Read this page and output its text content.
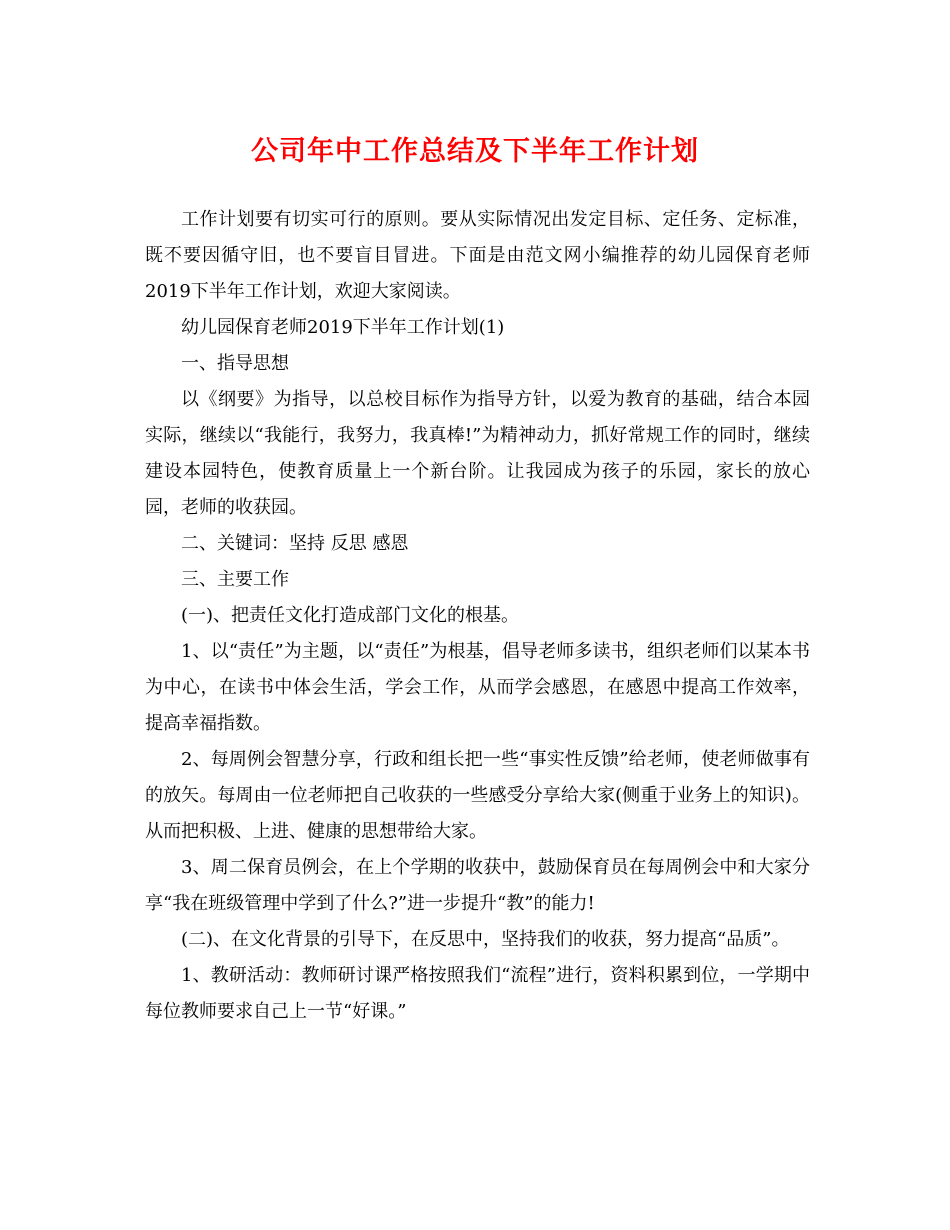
公司年中工作总结及下半年工作计划

工作计划要有切实可行的原则。要从实际情况出发定目标、定任务、定标准，既不要因循守旧，也不要盲目冒进。下面是由范文网小编推荐的幼儿园保育老师2019下半年工作计划，欢迎大家阅读。

幼儿园保育老师2019下半年工作计划(1)

一、指导思想

以《纲要》为指导，以总校目标作为指导方针，以爱为教育的基础，结合本园实际，继续以“我能行，我努力，我真棒!”为精神动力，抓好常规工作的同时，继续建设本园特色，使教育质量上一个新台阶。让我园成为孩子的乐园，家长的放心园，老师的收获园。

二、关键词：坚持 反思 感恩

三、主要工作

(一)、把责任文化打造成部门文化的根基。

1、以“责任”为主题，以“责任”为根基，倡导老师多读书，组织老师们以某本书为中心，在读书中体会生活，学会工作，从而学会感恩，在感恩中提高工作效率，提高幸福指数。

2、每周例会智慧分享，行政和组长把一些“事实性反馈”给老师，使老师做事有的放矢。每周由一位老师把自己收获的一些感受分享给大家(侧重于业务上的知识)。从而把积极、上进、健康的思想带给大家。

3、周二保育员例会，在上个学期的收获中，鼓励保育员在每周例会中和大家分享“我在班级管理中学到了什么?”进一步提升“教”的能力!

(二)、在文化背景的引导下，在反思中，坚持我们的收获，努力提高“品质”。

1、教研活动：教师研讨课严格按照我们“流程”进行，资料积累到位，一学期中每位教师要求自己上一节“好课。”
